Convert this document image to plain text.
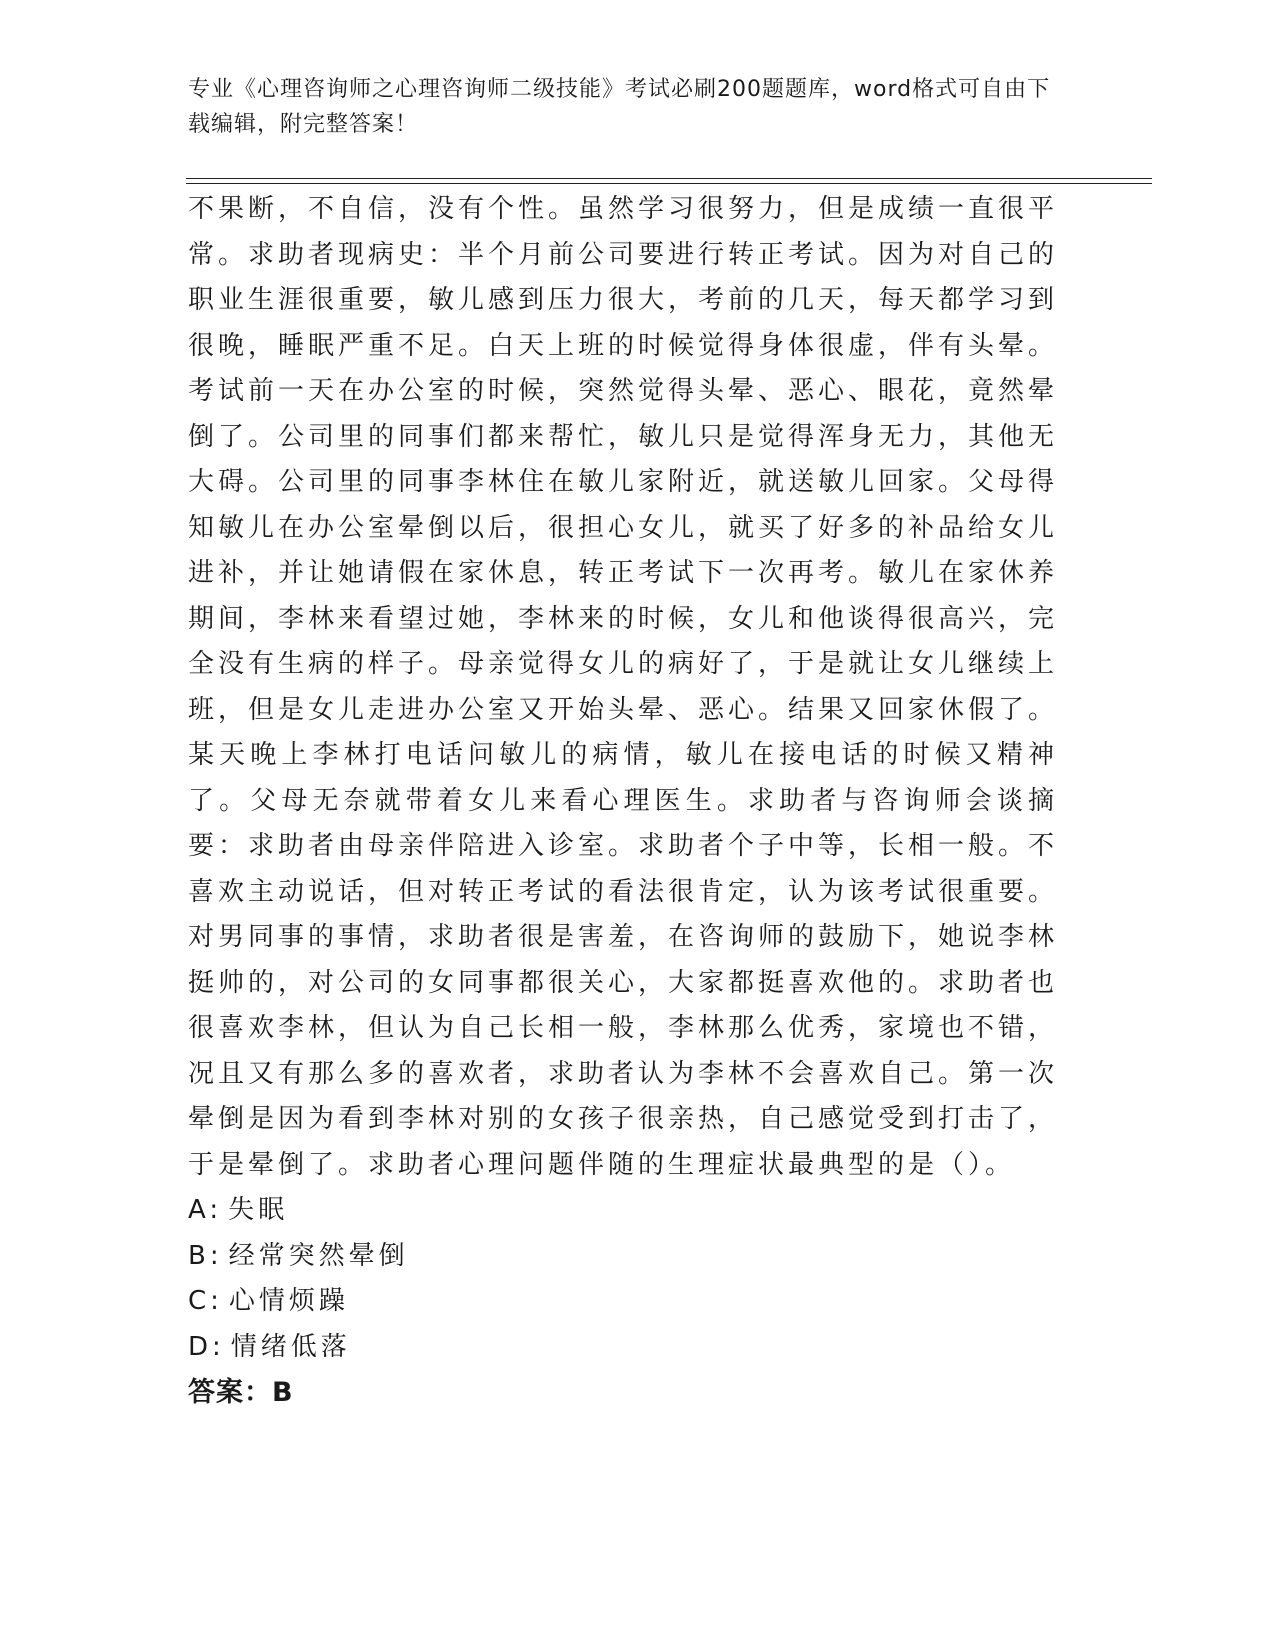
专业《心理咨询师之心理咨询师二级技能》考试必刷200题题库，word格式可自由下载编辑，附完整答案！

不果断，不自信，没有个性。虽然学习很努力，但是成绩一直很平常。求助者现病史：半个月前公司要进行转正考试。因为对自己的职业生涯很重要，敏儿感到压力很大，考前的几天，每天都学习到很晚，睡眠严重不足。白天上班的时候觉得身体很虚，伴有头晕。考试前一天在办公室的时候，突然觉得头晕、恶心、眼花，竟然晕倒了。公司里的同事们都来帮忙，敏儿只是觉得浑身无力，其他无大碍。公司里的同事李林住在敏儿家附近，就送敏儿回家。父母得知敏儿在办公室晕倒以后，很担心女儿，就买了好多的补品给女儿进补，并让她请假在家休息，转正考试下一次再考。敏儿在家休养期间，李林来看望过她，李林来的时候，女儿和他谈得很高兴，完全没有生病的样子。母亲觉得女儿的病好了，于是就让女儿继续上班，但是女儿走进办公室又开始头晕、恶心。结果又回家休假了。某天晚上李林打电话问敏儿的病情，敏儿在接电话的时候又精神了。父母无奈就带着女儿来看心理医生。求助者与咨询师会谈摘要：求助者由母亲伴陪进入诊室。求助者个子中等，长相一般。不喜欢主动说话，但对转正考试的看法很肯定，认为该考试很重要。对男同事的事情，求助者很是害羞，在咨询师的鼓励下，她说李林挺帅的，对公司的女同事都很关心，大家都挺喜欢他的。求助者也很喜欢李林，但认为自己长相一般，李林那么优秀，家境也不错，况且又有那么多的喜欢者，求助者认为李林不会喜欢自己。第一次晕倒是因为看到李林对别的女孩子很亲热，自己感觉受到打击了，于是晕倒了。求助者心理问题伴随的生理症状最典型的是（）。

A: 失眠
B: 经常突然晕倒
C: 心情烦躁
D: 情绪低落
答案：B
